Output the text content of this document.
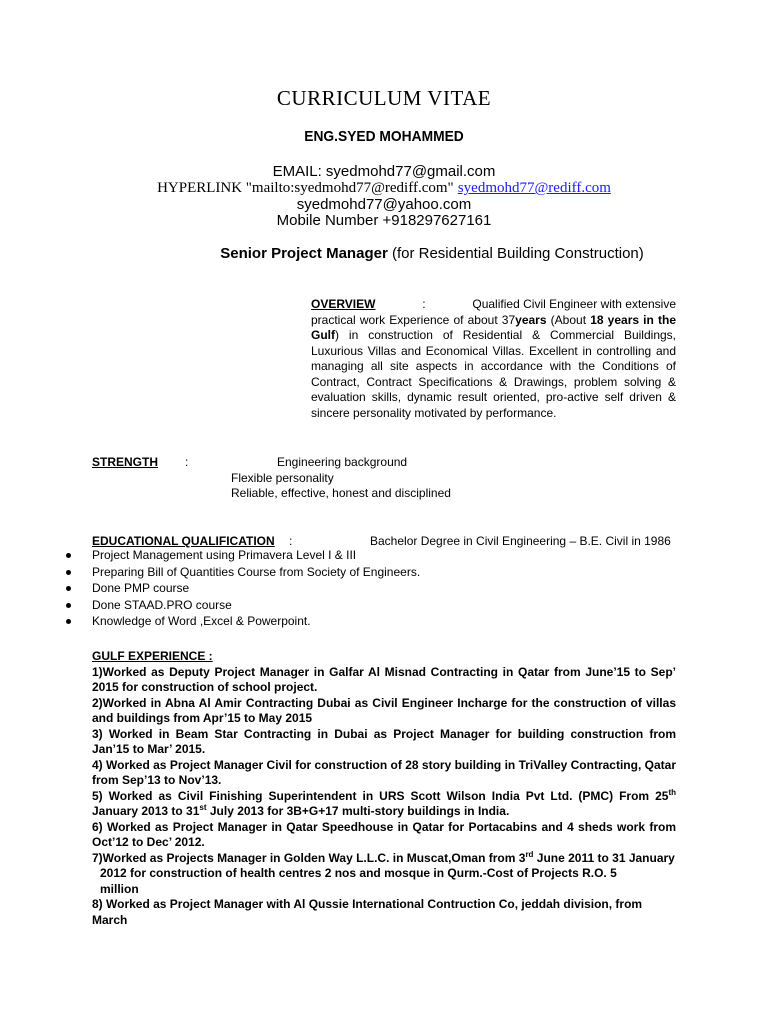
CURRICULUM VITAE
ENG.SYED MOHAMMED
EMAIL: syedmohd77@gmail.com
HYPERLINK "mailto:syedmohd77@rediff.com" syedmohd77@rediff.com
syedmohd77@yahoo.com
Mobile Number +918297627161
Senior Project Manager (for Residential Building Construction)
OVERVIEW	:	Qualified Civil Engineer with extensive practical work Experience of about 37years (About 18 years in the Gulf) in construction of Residential & Commercial Buildings, Luxurious Villas and Economical Villas. Excellent in controlling and managing all site aspects in accordance with the Conditions of Contract, Contract Specifications & Drawings, problem solving & evaluation skills, dynamic result oriented, pro-active self driven & sincere personality motivated by performance.
STRENGTH :	Engineering background
Flexible personality
Reliable, effective, honest and disciplined
EDUCATIONAL QUALIFICATION :	Bachelor Degree in Civil Engineering – B.E. Civil in 1986
Project Management using Primavera Level I & III
Preparing Bill of Quantities Course from Society of Engineers.
Done PMP course
Done STAAD.PRO course
Knowledge of Word ,Excel & Powerpoint.

GULF EXPERIENCE :

1)Worked as Deputy Project Manager in Galfar Al Misnad Contracting in Qatar from June’15 to Sep’ 2015 for construction of school project.

2)Worked in Abna Al Amir Contracting Dubai as Civil Engineer Incharge for the construction of villas and buildings from Apr’15 to May 2015

3) Worked in Beam Star Contracting in Dubai as Project Manager for building construction from Jan’15 to Mar’ 2015.

4) Worked as Project Manager Civil for construction of 28 story building in TriValley Contracting, Qatar from Sep’13 to Nov’13.

5) Worked as Civil Finishing Superintendent in URS Scott Wilson India Pvt Ltd. (PMC) From 25th January 2013 to 31st July 2013 for 3B+G+17 multi-story buildings in India.

6) Worked as Project Manager in Qatar Speedhouse in Qatar for Portacabins and 4 sheds work from Oct’12 to Dec’ 2012.

7)Worked as Projects Manager in Golden Way L.L.C. in Muscat,Oman from 3rd June 2011 to 31 January

2012 for construction of health centres 2 nos and mosque in Qurm.-Cost of Projects R.O. 5

million

8) Worked as Project Manager with Al Qussie International Contruction Co, jeddah division, from March
